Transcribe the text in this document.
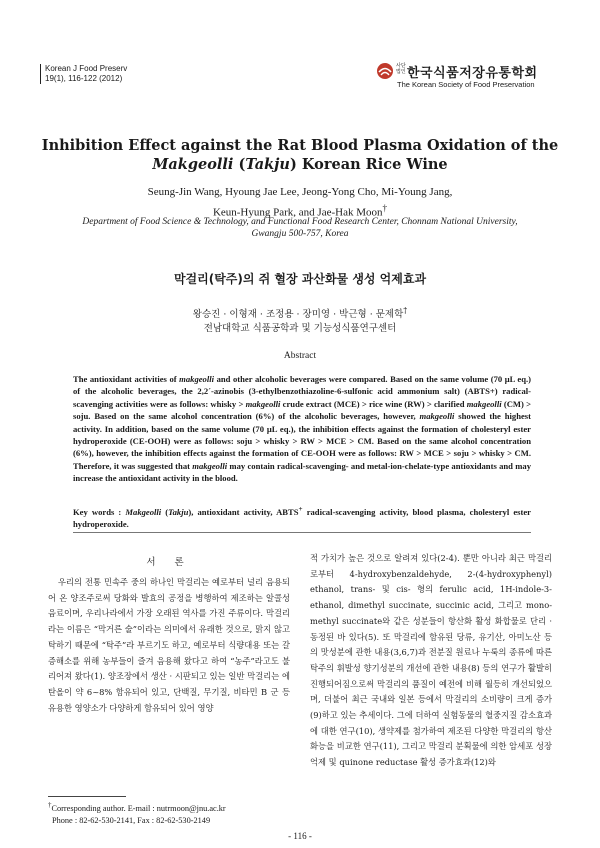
Korean J Food Preserv
19(1), 116-122 (2012)
사단법인 한국식품저장유통학회
The Korean Society of Food Preservation
Inhibition Effect against the Rat Blood Plasma Oxidation of the
Makgeolli (Takju) Korean Rice Wine
Seung-Jin Wang, Hyoung Jae Lee, Jeong-Yong Cho, Mi-Young Jang,
Keun-Hyung Park, and Jae-Hak Moon†
Department of Food Science & Technology, and Functional Food Research Center, Chonnam National University,
Gwangju 500-757, Korea
막걸리(탁주)의 쥐 혈장 과산화물 생성 억제효과
왕승진 · 이형재 · 조정용 · 장미영 · 박근형 · 문제학†
전남대학교 식품공학과 및 기능성식품연구센터
Abstract

The antioxidant activities of makgeolli and other alcoholic beverages were compared. Based on the same volume (70 μL eq.) of the alcoholic beverages, the 2,2´-azinobis (3-ethylbenzothiazoline-6-sulfonic acid ammonium salt) (ABTS+) radical-scavenging activities were as follows: whisky > makgeolli crude extract (MCE) > rice wine (RW) > clarified makgeolli (CM) > soju. Based on the same alcohol concentration (6%) of the alcoholic beverages, however, makgeolli showed the highest activity. In addition, based on the same volume (70 μL eq.), the inhibition effects against the formation of cholesteryl ester hydroperoxide (CE-OOH) were as follows: soju > whisky > RW > MCE > CM. Based on the same alcohol concentration (6%), however, the inhibition effects against the formation of CE-OOH were as follows: RW > MCE > soju > whisky > CM. Therefore, it was suggested that makgeolli may contain radical-scavenging- and metal-ion-chelate-type antioxidants and may increase the antioxidant activity in the blood.

Key words : Makgeolli (Takju), antioxidant activity, ABTS+ radical-scavenging activity, blood plasma, cholesteryl ester hydroperoxide.

서 론

우리의 전통 민속주 중의 하나인 막걸리는 예로부터 널리 음용되어 온 양조주로써 당화와 발효의 공정을 병행하여 제조하는 알콜성 음료이며, 우리나라에서 가장 오래된 역사를 가진 주류이다. 막걸리라는 이름은 “막거른 술”이라는 의미에서 유래한 것으로, 맑지 않고 탁하기 때문에 “탁주”라 부르기도 하고, 예로부터 식량대용 또는 갈증해소를 위해 농부들이 즐겨 음용해 왔다고 하여 “농주”라고도 불리어져 왔다(1). 양조장에서 생산 · 시판되고 있는 일반 막걸리는 에탄올이 약 6~8% 함유되어 있고, 단백질, 무기질, 비타민 B 군 등 유용한 영양소가 다양하게 함유되어 있어 영양

적 가치가 높은 것으로 알려져 있다(2-4). 뿐만 아니라 최근 막걸리로부터 4-hydroxybenzaldehyde, 2-(4-hydroxyphenyl) ethanol, trans- 및 cis- 형의 ferulic acid, 1H-indole-3-ethanol, dimethyl succinate, succinic acid, 그리고 mono-methyl succinate와 같은 성분들이 항산화 활성 화합물로 단리 · 동정된 바 있다(5). 또 막걸리에 함유된 당류, 유기산, 아미노산 등의 맛성분에 관한 내용(3,6,7)과 전분질 원료나 누룩의 종류에 따른 탁주의 휘발성 향기성분의 개선에 관한 내용(8) 등의 연구가 활발히 진행되어짐으로써 막걸리의 품질이 예전에 비해 월등히 개선되었으며, 더불어 최근 국내와 일본 등에서 막걸리의 소비량이 크게 증가(9)하고 있는 추세이다. 그에 더하여 실험동물의 혈중지질 감소효과에 대한 연구(10), 생약제를 첨가하여 제조된 다양한 막걸리의 항산화능을 비교한 연구(11), 그리고 막걸리 분획물에 의한 암세포 성장 억제 및 quinone reductase 활성 증가효과(12)와

†Corresponding author. E-mail : nutrmoon@jnu.ac.kr
Phone : 82-62-530-2141, Fax : 82-62-530-2149
- 116 -
